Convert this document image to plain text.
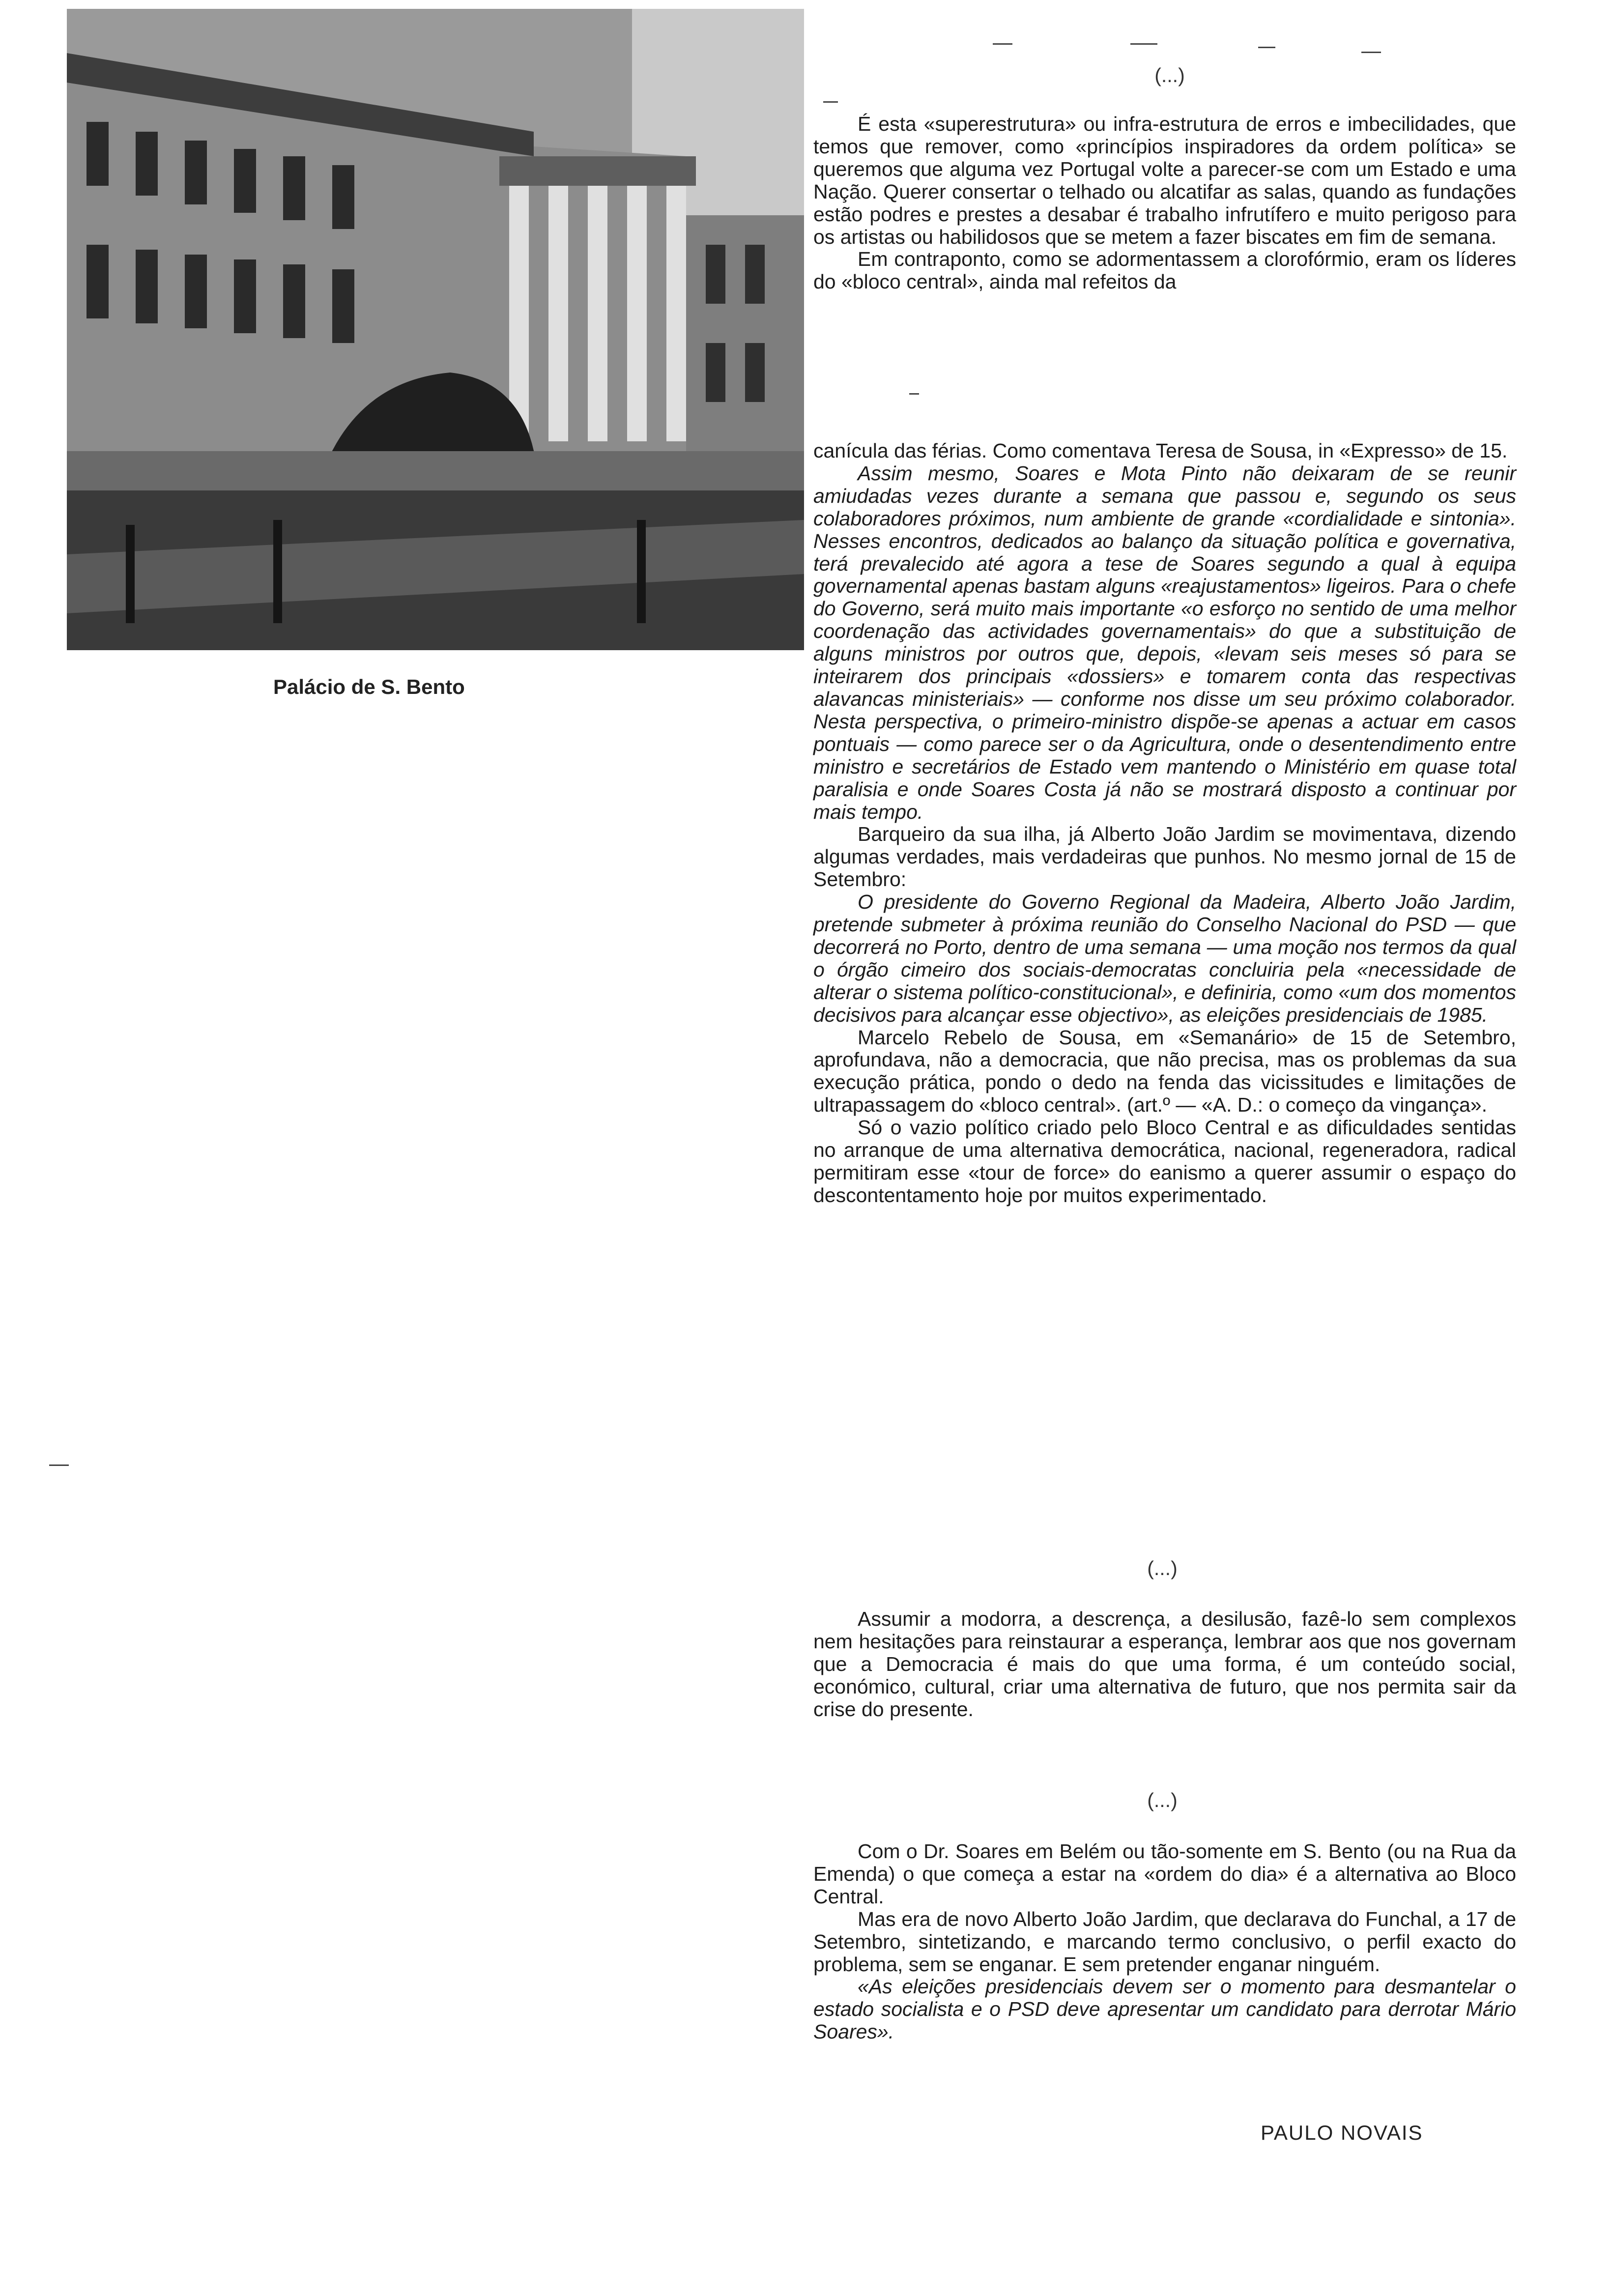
Palácio de S. Bento
(...)

É esta «superestrutura» ou infra-estrutura de erros e imbecilidades, que temos que remover, como «princípios inspiradores da ordem política» se queremos que alguma vez Portugal volte a parecer-se com um Estado e uma Nação. Querer consertar o telhado ou alcatifar as salas, quando as fundações estão podres e prestes a desabar é trabalho infrutífero e muito perigoso para os artistas ou habilidosos que se metem a fazer biscates em fim de semana.

Em contraponto, como se adormentassem a clorofórmio, eram os líderes do «bloco central», ainda mal refeitos da

canícula das férias. Como comentava Teresa de Sousa, in «Expresso» de 15.

Assim mesmo, Soares e Mota Pinto não deixaram de se reunir amiudadas vezes durante a semana que passou e, segundo os seus colaboradores próximos, num ambiente de grande «cordialidade e sintonia». Nesses encontros, dedicados ao balanço da situação política e governativa, terá prevalecido até agora a tese de Soares segundo a qual à equipa governamental apenas bastam alguns «reajustamentos» ligeiros. Para o chefe do Governo, será muito mais importante «o esforço no sentido de uma melhor coordenação das actividades governamentais» do que a substituição de alguns ministros por outros que, depois, «levam seis meses só para se inteirarem dos principais «dossiers» e tomarem conta das respectivas alavancas ministeriais» — conforme nos disse um seu próximo colaborador. Nesta perspectiva, o primeiro-ministro dispõe-se apenas a actuar em casos pontuais — como parece ser o da Agricultura, onde o desentendimento entre ministro e secretários de Estado vem mantendo o Ministério em quase total paralisia e onde Soares Costa já não se mostrará disposto a continuar por mais tempo.

Barqueiro da sua ilha, já Alberto João Jardim se movimentava, dizendo algumas verdades, mais verdadeiras que punhos. No mesmo jornal de 15 de Setembro:

O presidente do Governo Regional da Madeira, Alberto João Jardim, pretende submeter à próxima reunião do Conselho Nacional do PSD — que decorrerá no Porto, dentro de uma semana — uma moção nos termos da qual o órgão cimeiro dos sociais-democratas concluiria pela «necessidade de alterar o sistema político-constitucional», e definiria, como «um dos momentos decisivos para alcançar esse objectivo», as eleições presidenciais de 1985.

Marcelo Rebelo de Sousa, em «Semanário» de 15 de Setembro, aprofundava, não a democracia, que não precisa, mas os problemas da sua execução prática, pondo o dedo na fenda das vicissitudes e limitações de ultrapassagem do «bloco central». (art.º — «A. D.: o começo da vingança».

Só o vazio político criado pelo Bloco Central e as dificuldades sentidas no arranque de uma alternativa democrática, nacional, regeneradora, radical permitiram esse «tour de force» do eanismo a querer assumir o espaço do descontentamento hoje por muitos experimentado.

(...)

Assumir a modorra, a descrença, a desilusão, fazê-lo sem complexos nem hesitações para reinstaurar a esperança, lembrar aos que nos governam que a Democracia é mais do que uma forma, é um conteúdo social, económico, cultural, criar uma alternativa de futuro, que nos permita sair da crise do presente.

(...)

Com o Dr. Soares em Belém ou tão-somente em S. Bento (ou na Rua da Emenda) o que começa a estar na «ordem do dia» é a alternativa ao Bloco Central.

Mas era de novo Alberto João Jardim, que declarava do Funchal, a 17 de Setembro, sintetizando, e marcando termo conclusivo, o perfil exacto do problema, sem se enganar. E sem pretender enganar ninguém.

«As eleições presidenciais devem ser o momento para desmantelar o estado socialista e o PSD deve apresentar um candidato para derrotar Mário Soares».

PAULO NOVAIS
